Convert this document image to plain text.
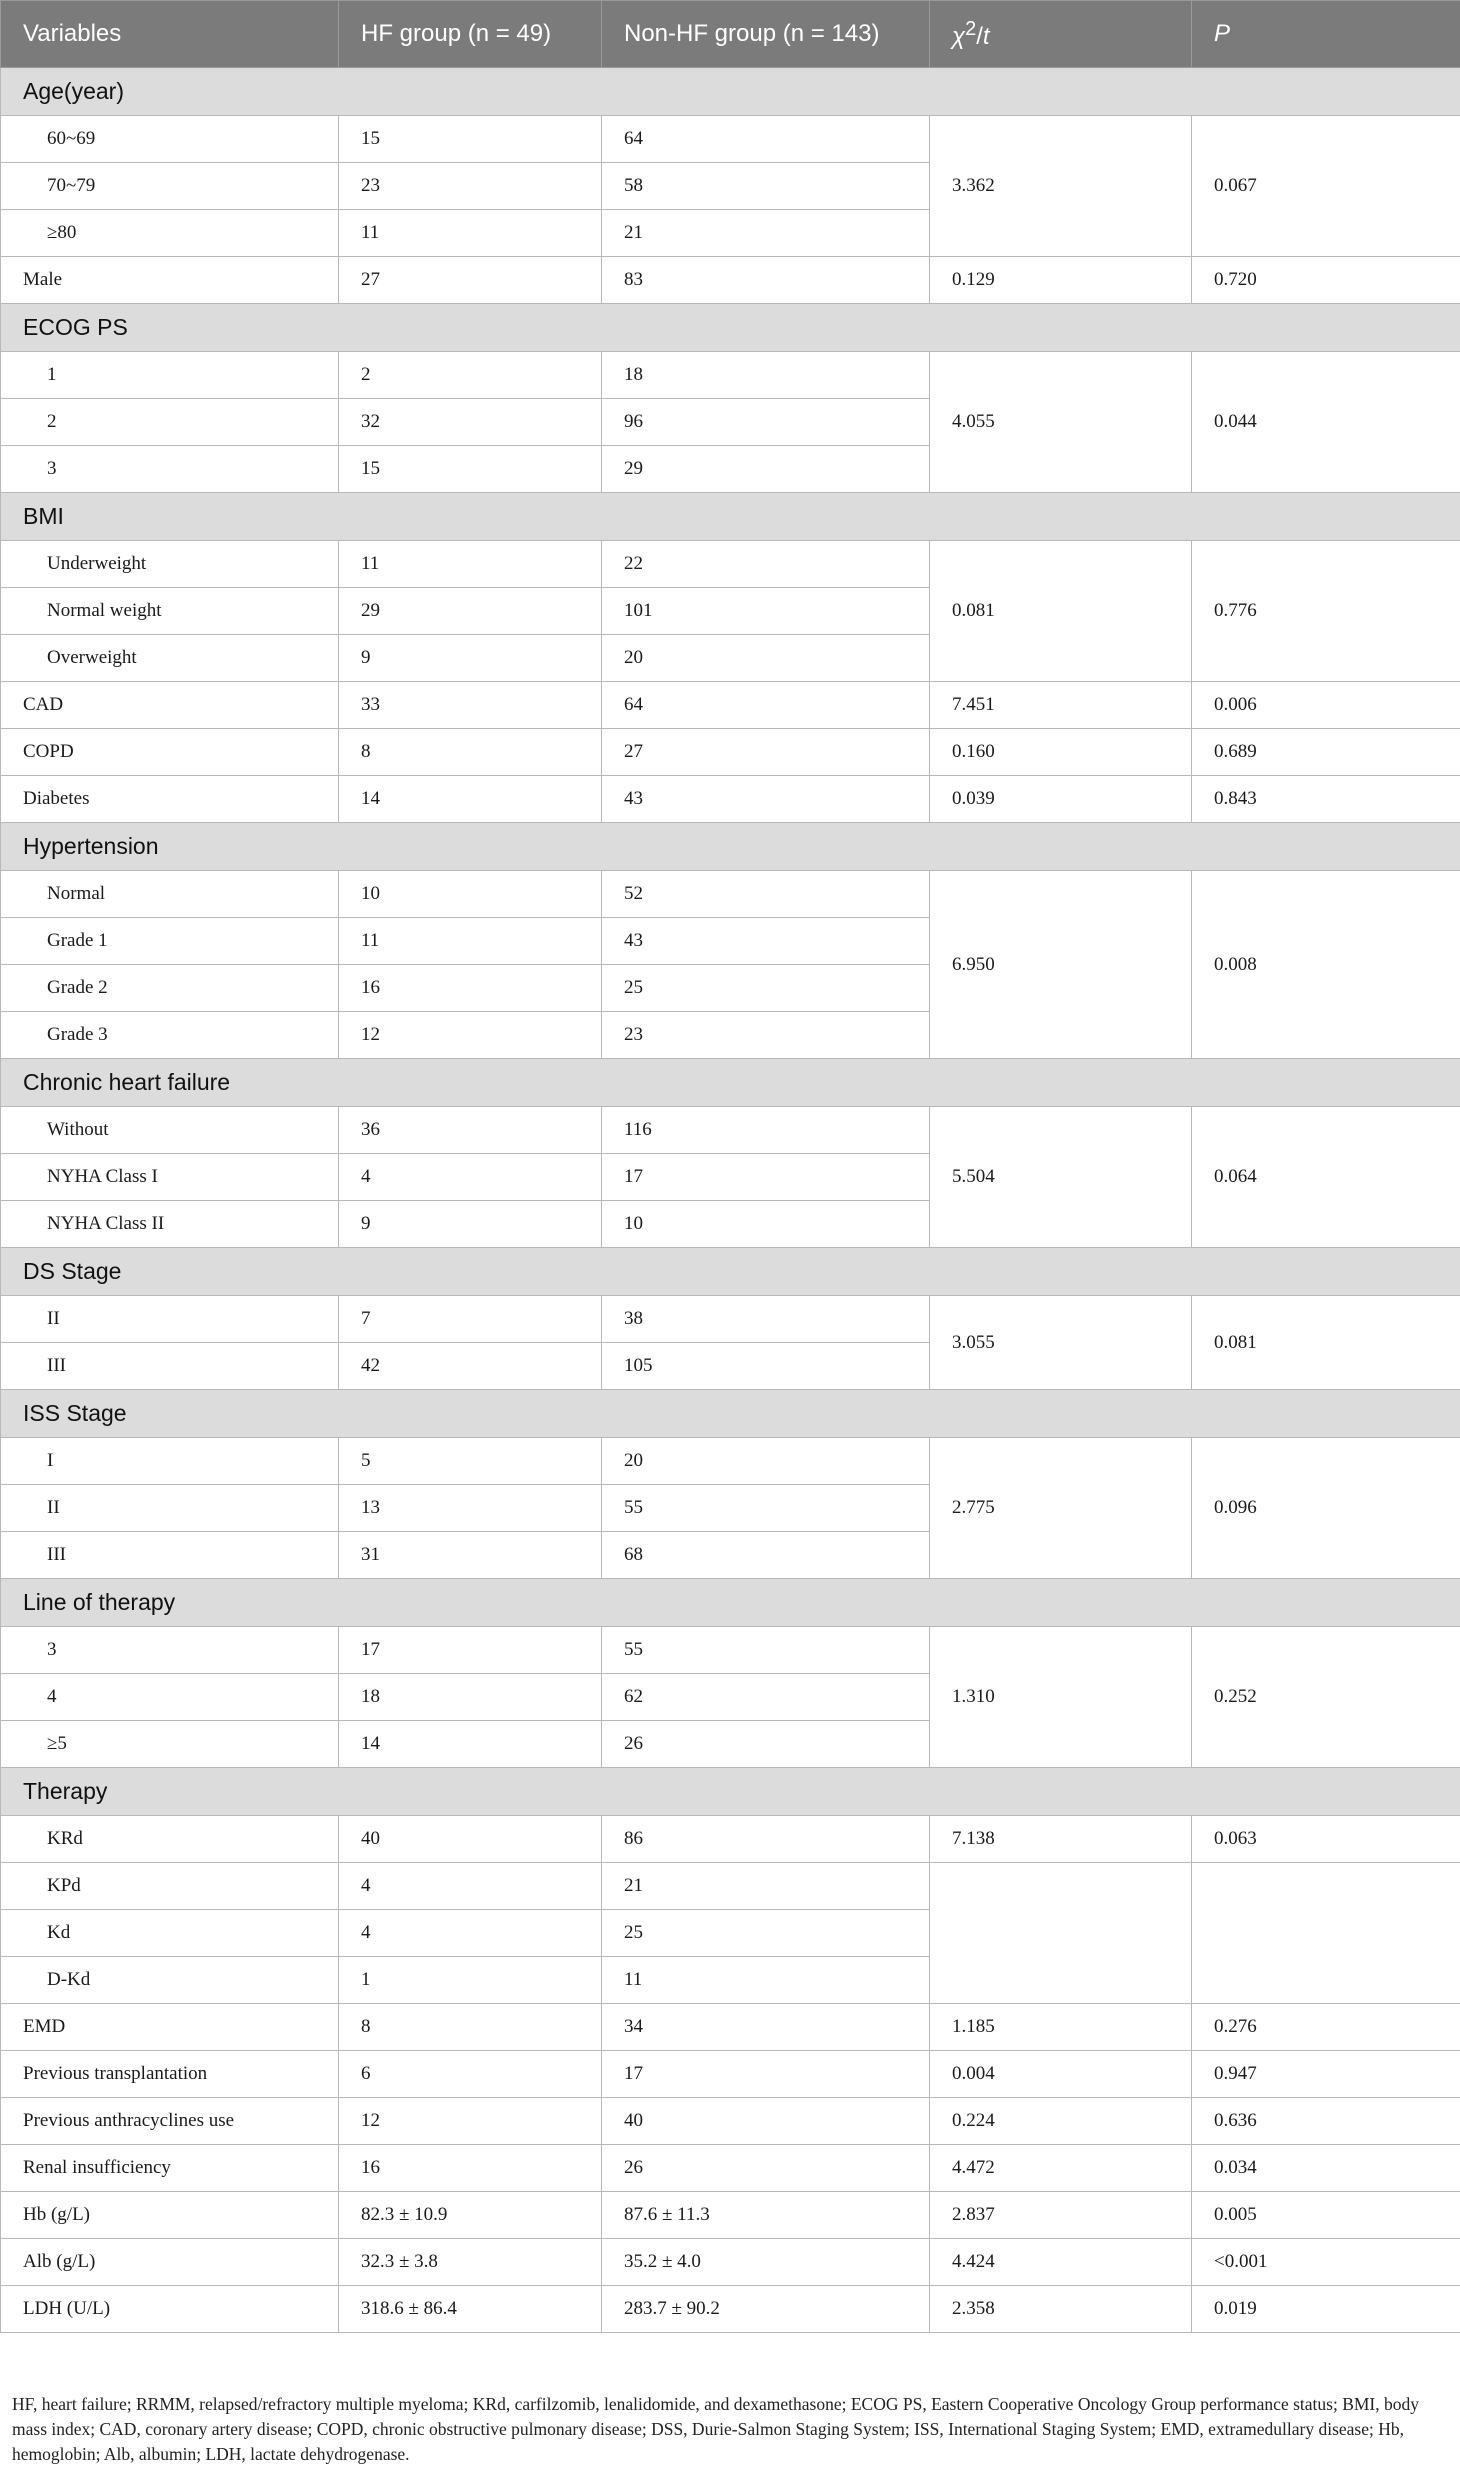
Variables	HF group (n = 49)	Non-HF group (n = 143)	$\chi^2/t$	P
Age(year)				
60~69	15	64	3.362	0.067
70~79	23	58		
≥80	11	21		
Male	27	83	0.129	0.720
ECOG PS				
1	2	18	4.055	0.044
2	32	96		
3	15	29		
BMI				
Underweight	11	22	0.081	0.776
Normal weight	29	101		
Overweight	9	20		
CAD	33	64	7.451	0.006
COPD	8	27	0.160	0.689
Diabetes	14	43	0.039	0.843
Hypertension				
Normal	10	52	6.950	0.008
Grade 1	11	43		
Grade 2	16	25		
Grade 3	12	23		
Chronic heart failure				
Without	36	116	5.504	0.064
NYHA Class I	4	17		
NYHA Class II	9	10		
DS Stage				
II	7	38	3.055	0.081
III	42	105		
ISS Stage				
I	5	20	2.775	0.096
II	13	55		
III	31	68		
Line of therapy				
3	17	55	1.310	0.252
4	18	62		
≥5	14	26		
Therapy				
KRd	40	86	7.138	0.063
KPd	4	21		
Kd	4	25		
D-Kd	1	11		
EMD	8	34	1.185	0.276
Previous transplantation	6	17	0.004	0.947
Previous anthracyclines use	12	40	0.224	0.636
Renal insufficiency	16	26	4.472	0.034
Hb (g/L)	82.3 ± 10.9	87.6 ± 11.3	2.837	0.005
Alb (g/L)	32.3 ± 3.8	35.2 ± 4.0	4.424	<0.001
LDH (U/L)	318.6 ± 86.4	283.7 ± 90.2	2.358	0.019
HF, heart failure; RRMM, relapsed/refractory multiple myeloma; KRd, carfilzomib, lenalidomide, and dexamethasone; ECOG PS, Eastern Cooperative Oncology Group performance status; BMI, body mass index; CAD, coronary artery disease; COPD, chronic obstructive pulmonary disease; DSS, Durie-Salmon Staging System; ISS, International Staging System; EMD, extramedullary disease; Hb, hemoglobin; Alb, albumin; LDH, lactate dehydrogenase.
